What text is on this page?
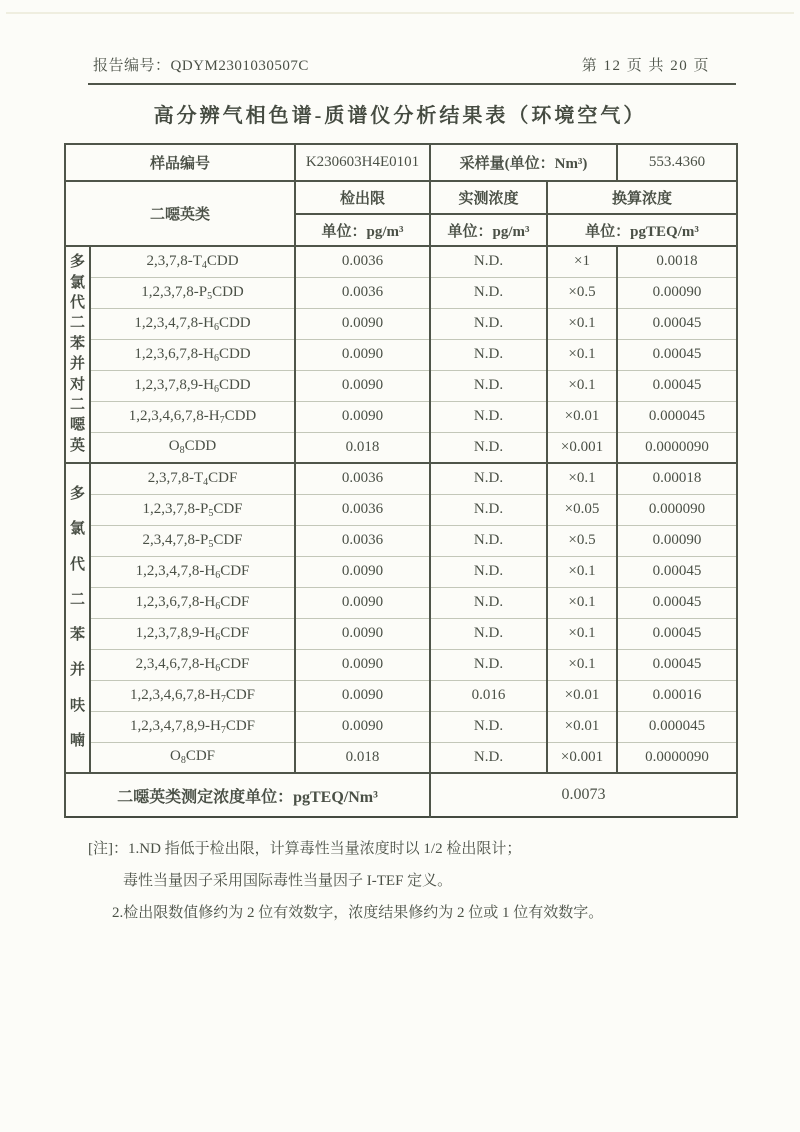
报告编号：QDYM2301030507C	第 12 页 共 20 页
高分辨气相色谱-质谱仪分析结果表（环境空气）
样品编号		K230603H4E0101	采样量(单位：Nm³)		553.4360
二噁英类		检出限	实测浓度	换算浓度	
		单位：pg/m³	单位：pg/m³	单位：pgTEQ/m³	

多
氯
代
二
苯
并
对
二
噁
英
	$2,3,7,8-T_4CDD$	0.0036	N.D.	×1	0.0018
	$1,2,3,7,8-P_5CDD$	0.0036	N.D.	×0.5	0.00090
	$1,2,3,4,7,8-H_6CDD$	0.0090	N.D.	×0.1	0.00045
	$1,2,3,6,7,8-H_6CDD$	0.0090	N.D.	×0.1	0.00045
	$1,2,3,7,8,9-H_6CDD$	0.0090	N.D.	×0.1	0.00045
	$1,2,3,4,6,7,8-H_7CDD$	0.0090	N.D.	×0.01	0.000045
	$O_8CDD$	0.018	N.D.	×0.001	0.0000090

多
氯
代
二
苯
并
呋
喃
	$2,3,7,8-T_4CDF$	0.0036	N.D.	×0.1	0.00018
	$1,2,3,7,8-P_5CDF$	0.0036	N.D.	×0.05	0.000090
	$2,3,4,7,8-P_5CDF$	0.0036	N.D.	×0.5	0.00090
	$1,2,3,4,7,8-H_6CDF$	0.0090	N.D.	×0.1	0.00045
	$1,2,3,6,7,8-H_6CDF$	0.0090	N.D.	×0.1	0.00045
	$1,2,3,7,8,9-H_6CDF$	0.0090	N.D.	×0.1	0.00045
	$2,3,4,6,7,8-H_6CDF$	0.0090	N.D.	×0.1	0.00045
	$1,2,3,4,6,7,8-H_7CDF$	0.0090	0.016	×0.01	0.00016
	$1,2,3,4,7,8,9-H_7CDF$	0.0090	N.D.	×0.01	0.000045
	$O_8CDF$	0.018	N.D.	×0.001	0.0000090
二噁英类测定浓度单位：pgTEQ/Nm³			0.0073		
[注]：1.ND 指低于检出限，计算毒性当量浓度时以 1/2 检出限计；
毒性当量因子采用国际毒性当量因子 I-TEF 定义。
2.检出限数值修约为 2 位有效数字，浓度结果修约为 2 位或 1 位有效数字。
